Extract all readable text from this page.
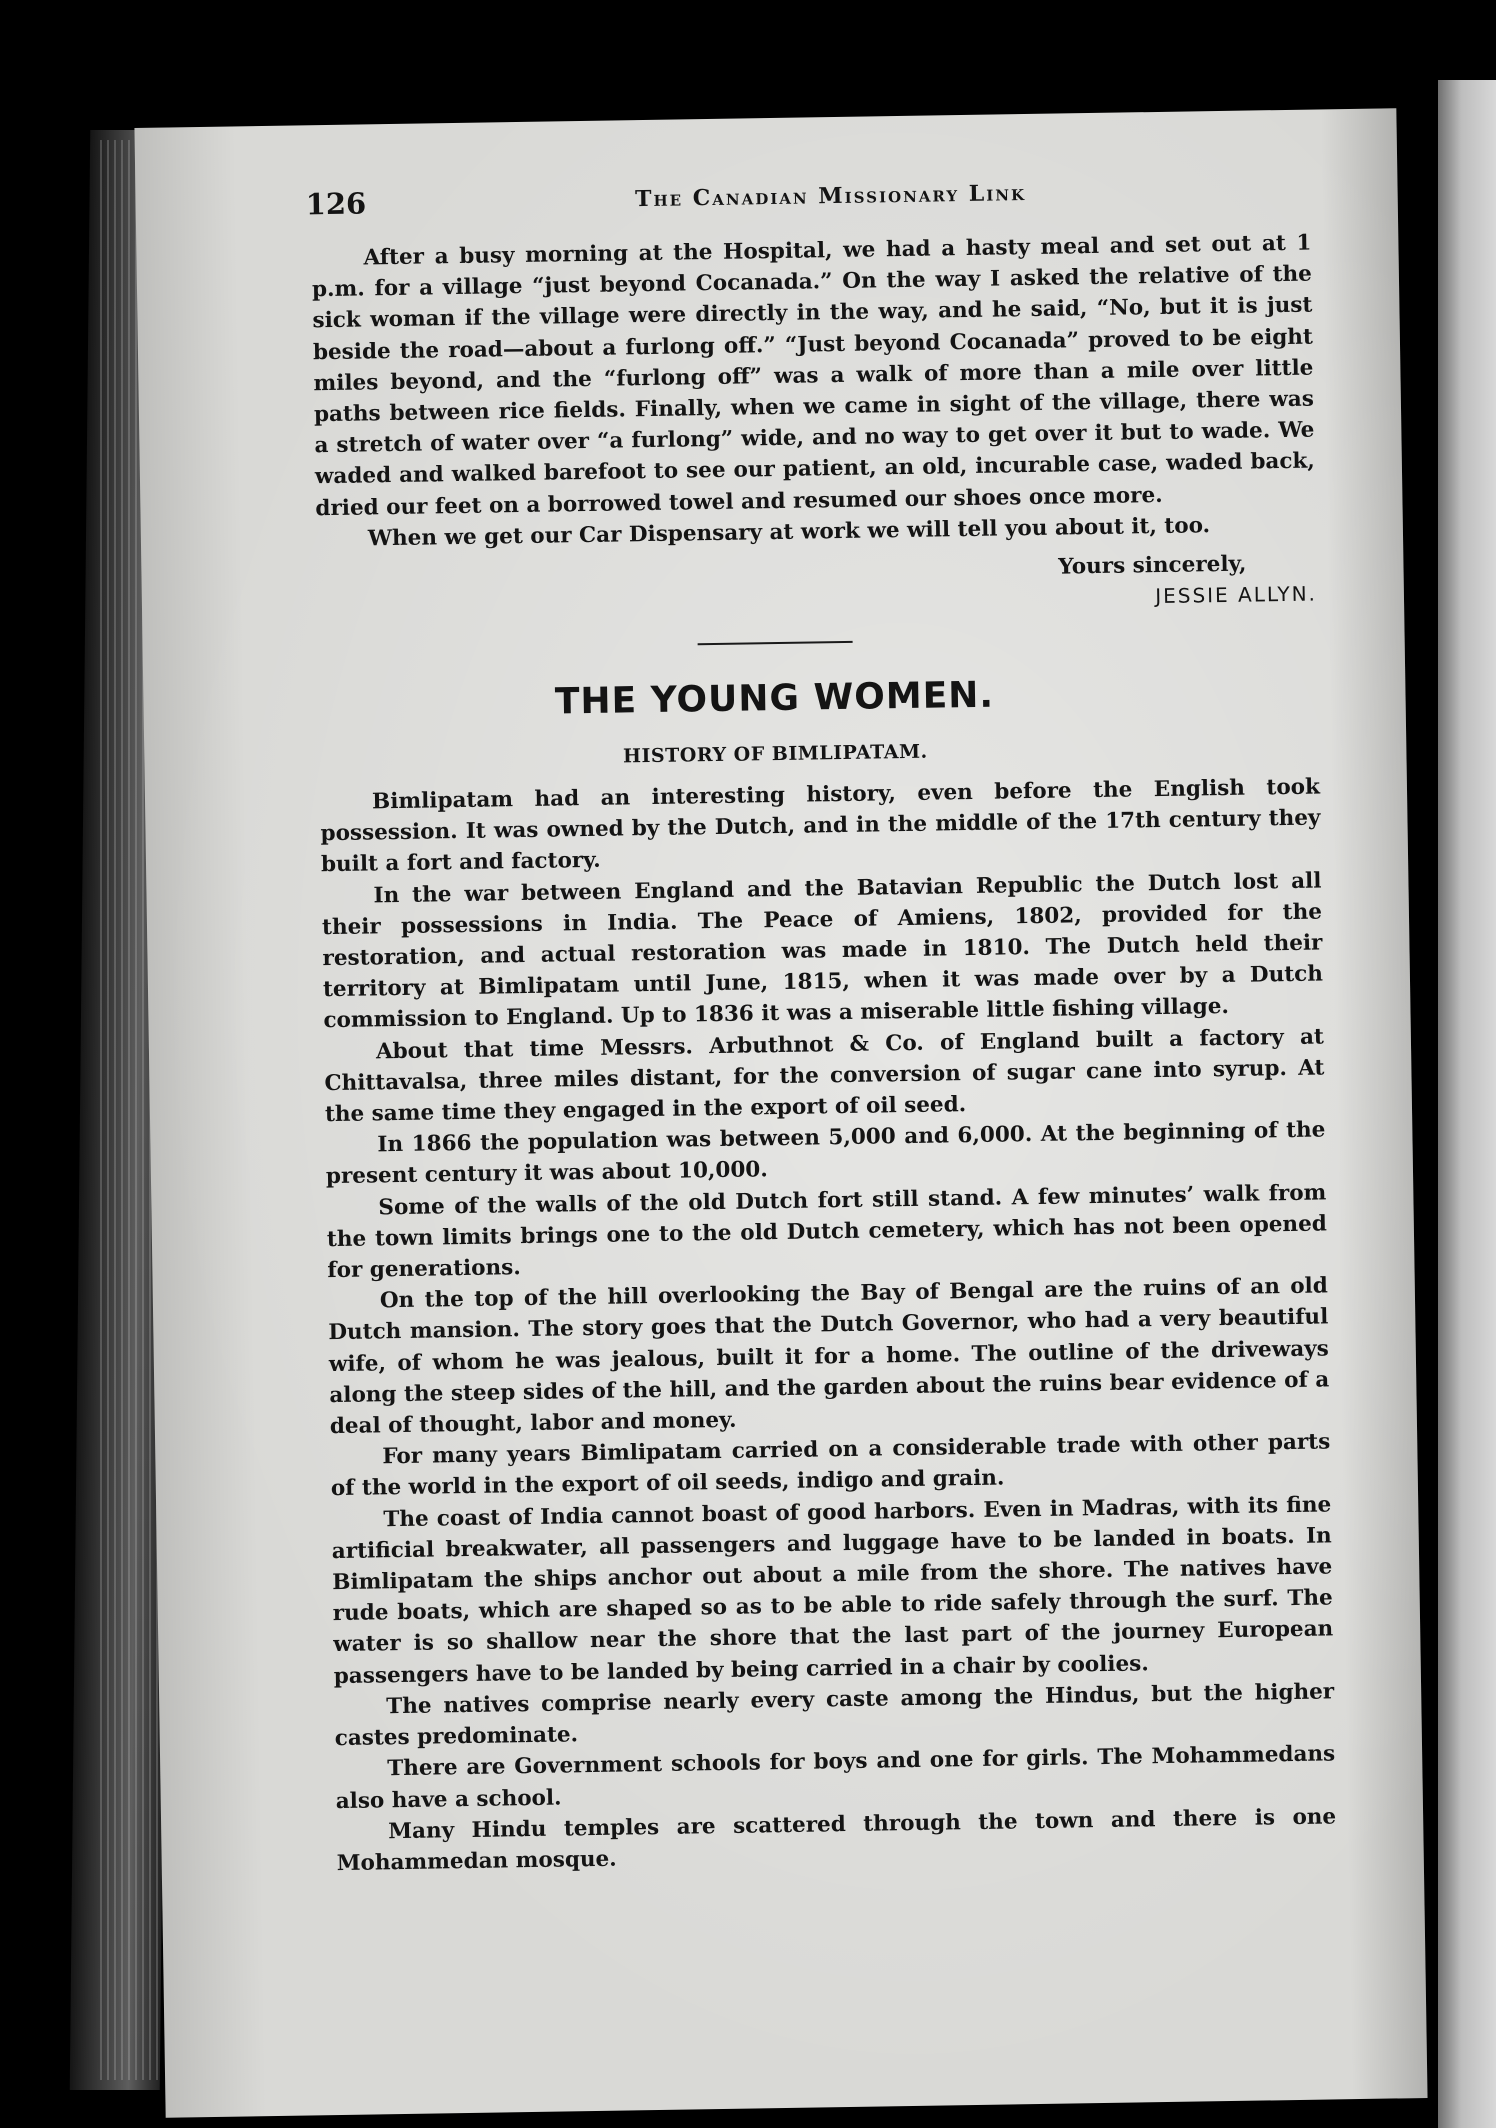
126	The Canadian Missionary Link

After a busy morning at the Hospital, we had a hasty meal and set out at 1 p.m. for a village “just beyond Cocanada.” On the way I asked the relative of the sick woman if the village were directly in the way, and he said, “No, but it is just beside the road—about a furlong off.” “Just beyond Cocanada” proved to be eight miles beyond, and the “furlong off” was a walk of more than a mile over little paths between rice fields. Finally, when we came in sight of the village, there was a stretch of water over “a furlong” wide, and no way to get over it but to wade. We waded and walked barefoot to see our patient, an old, incurable case, waded back, dried our feet on a borrowed towel and resumed our shoes once more.

When we get our Car Dispensary at work we will tell you about it, too.

Yours sincerely,
JESSIE ALLYN.
THE YOUNG WOMEN.
HISTORY OF BIMLIPATAM.

Bimlipatam had an interesting history, even before the English took possession. It was owned by the Dutch, and in the middle of the 17th century they built a fort and factory.

In the war between England and the Batavian Republic the Dutch lost all their possessions in India. The Peace of Amiens, 1802, provided for the restoration, and actual restoration was made in 1810. The Dutch held their territory at Bimlipatam until June, 1815, when it was made over by a Dutch commission to England. Up to 1836 it was a miserable little fishing village.

About that time Messrs. Arbuthnot & Co. of England built a factory at Chittavalsa, three miles distant, for the conversion of sugar cane into syrup. At the same time they engaged in the export of oil seed.

In 1866 the population was between 5,000 and 6,000. At the beginning of the present century it was about 10,000.

Some of the walls of the old Dutch fort still stand. A few minutes’ walk from the town limits brings one to the old Dutch cemetery, which has not been opened for generations.

On the top of the hill overlooking the Bay of Bengal are the ruins of an old Dutch mansion. The story goes that the Dutch Governor, who had a very beautiful wife, of whom he was jealous, built it for a home. The outline of the driveways along the steep sides of the hill, and the garden about the ruins bear evidence of a deal of thought, labor and money.

For many years Bimlipatam carried on a considerable trade with other parts of the world in the export of oil seeds, indigo and grain.

The coast of India cannot boast of good harbors. Even in Madras, with its fine artificial breakwater, all passengers and luggage have to be landed in boats. In Bimlipatam the ships anchor out about a mile from the shore. The natives have rude boats, which are shaped so as to be able to ride safely through the surf. The water is so shallow near the shore that the last part of the journey European passengers have to be landed by being carried in a chair by coolies.

The natives comprise nearly every caste among the Hindus, but the higher castes predominate.

There are Government schools for boys and one for girls. The Mohammedans also have a school.

Many Hindu temples are scattered through the town and there is one Mohammedan mosque.
